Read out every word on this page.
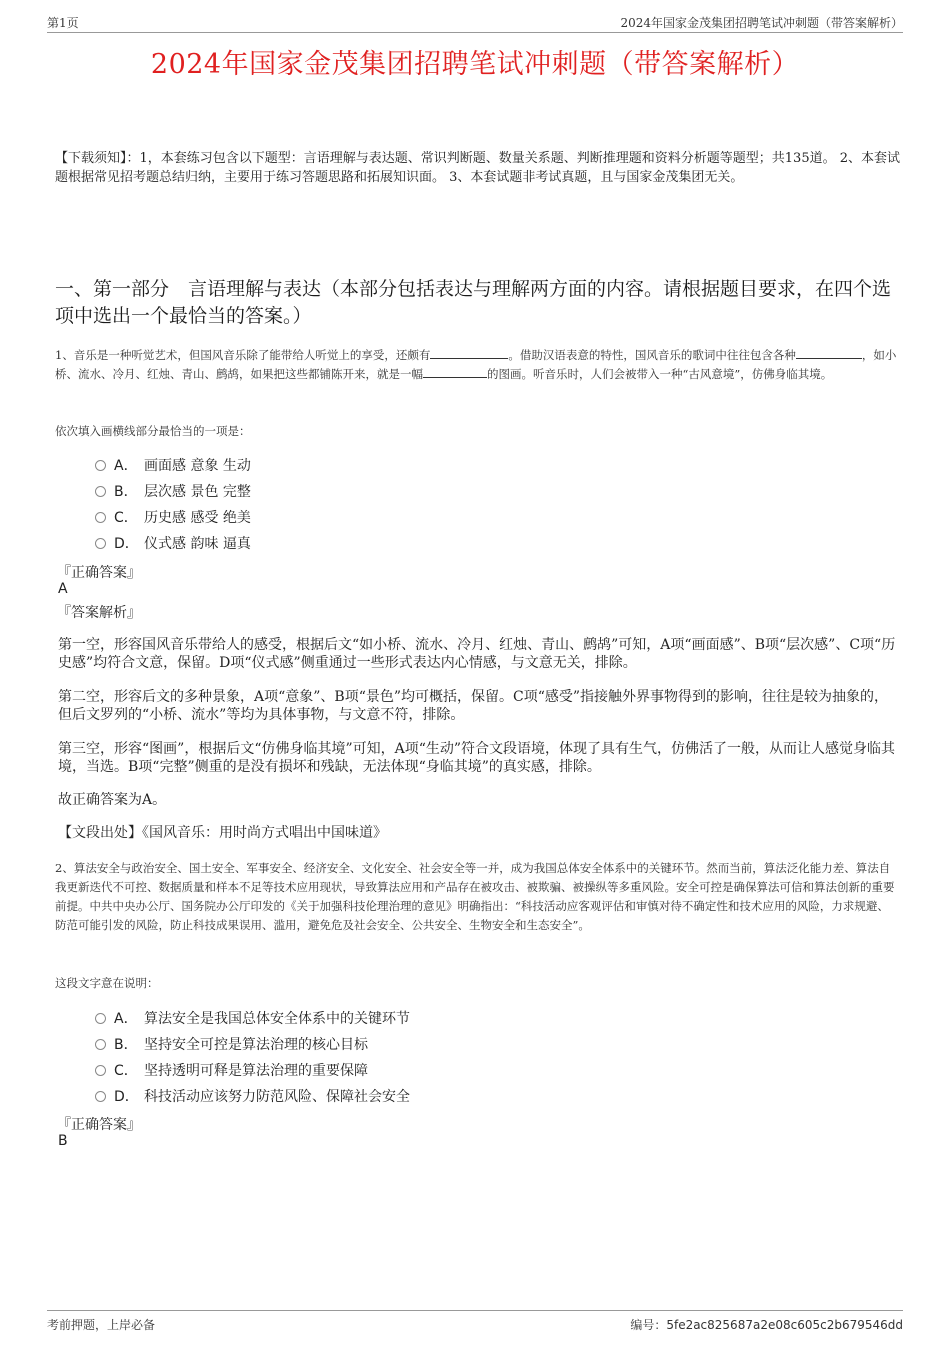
第1页	2024年国家金茂集团招聘笔试冲刺题（带答案解析）
2024年国家金茂集团招聘笔试冲刺题（带答案解析）
【下载须知】：1，本套练习包含以下题型：言语理解与表达题、常识判断题、数量关系题、判断推理题和资料分析题等题型；共135道。 2、本套试题根据常见招考题总结归纳，主要用于练习答题思路和拓展知识面。 3、本套试题非考试真题，且与国家金茂集团无关。
一、第一部分　言语理解与表达（本部分包括表达与理解两方面的内容。请根据题目要求，在四个选项中选出一个最恰当的答案。）
1、音乐是一种听觉艺术，但国风音乐除了能带给人听觉上的享受，还颇有	。借助汉语表意的特性，国风音乐的歌词中往往包含各种	，如小桥、流水、冷月、红烛、青山、鹧鸪，如果把这些都铺陈开来，就是一幅	的图画。听音乐时，人们会被带入一种“古风意境”，仿佛身临其境。
依次填入画横线部分最恰当的一项是：
A． 画面感 意象 生动
B． 层次感 景色 完整
C． 历史感 感受 绝美
D． 仪式感 韵味 逼真
『正确答案』
A
『答案解析』
第一空，形容国风音乐带给人的感受，根据后文“如小桥、流水、冷月、红烛、青山、鹧鸪”可知，A项“画面感”、B项“层次感”、C项“历史感”均符合文意，保留。D项“仪式感”侧重通过一些形式表达内心情感，与文意无关，排除。
第二空，形容后文的多种景象，A项“意象”、B项“景色”均可概括，保留。C项“感受”指接触外界事物得到的影响，往往是较为抽象的，但后文罗列的“小桥、流水”等均为具体事物，与文意不符，排除。
第三空，形容“图画”，根据后文“仿佛身临其境”可知，A项“生动”符合文段语境，体现了具有生气，仿佛活了一般，从而让人感觉身临其境，当选。B项“完整”侧重的是没有损坏和残缺，无法体现“身临其境”的真实感，排除。
故正确答案为A。
【文段出处】《国风音乐：用时尚方式唱出中国味道》
2、算法安全与政治安全、国土安全、军事安全、经济安全、文化安全、社会安全等一并，成为我国总体安全体系中的关键环节。然而当前，算法泛化能力差、算法自我更新迭代不可控、数据质量和样本不足等技术应用现状，导致算法应用和产品存在被攻击、被欺骗、被操纵等多重风险。安全可控是确保算法可信和算法创新的重要前提。中共中央办公厅、国务院办公厅印发的《关于加强科技伦理治理的意见》明确指出：“科技活动应客观评估和审慎对待不确定性和技术应用的风险，力求规避、防范可能引发的风险，防止科技成果误用、滥用，避免危及社会安全、公共安全、生物安全和生态安全”。
这段文字意在说明：
A． 算法安全是我国总体安全体系中的关键环节
B． 坚持安全可控是算法治理的核心目标
C． 坚持透明可释是算法治理的重要保障
D． 科技活动应该努力防范风险、保障社会安全
『正确答案』
B
考前押题，上岸必备	编号：5fe2ac825687a2e08c605c2b679546dd
